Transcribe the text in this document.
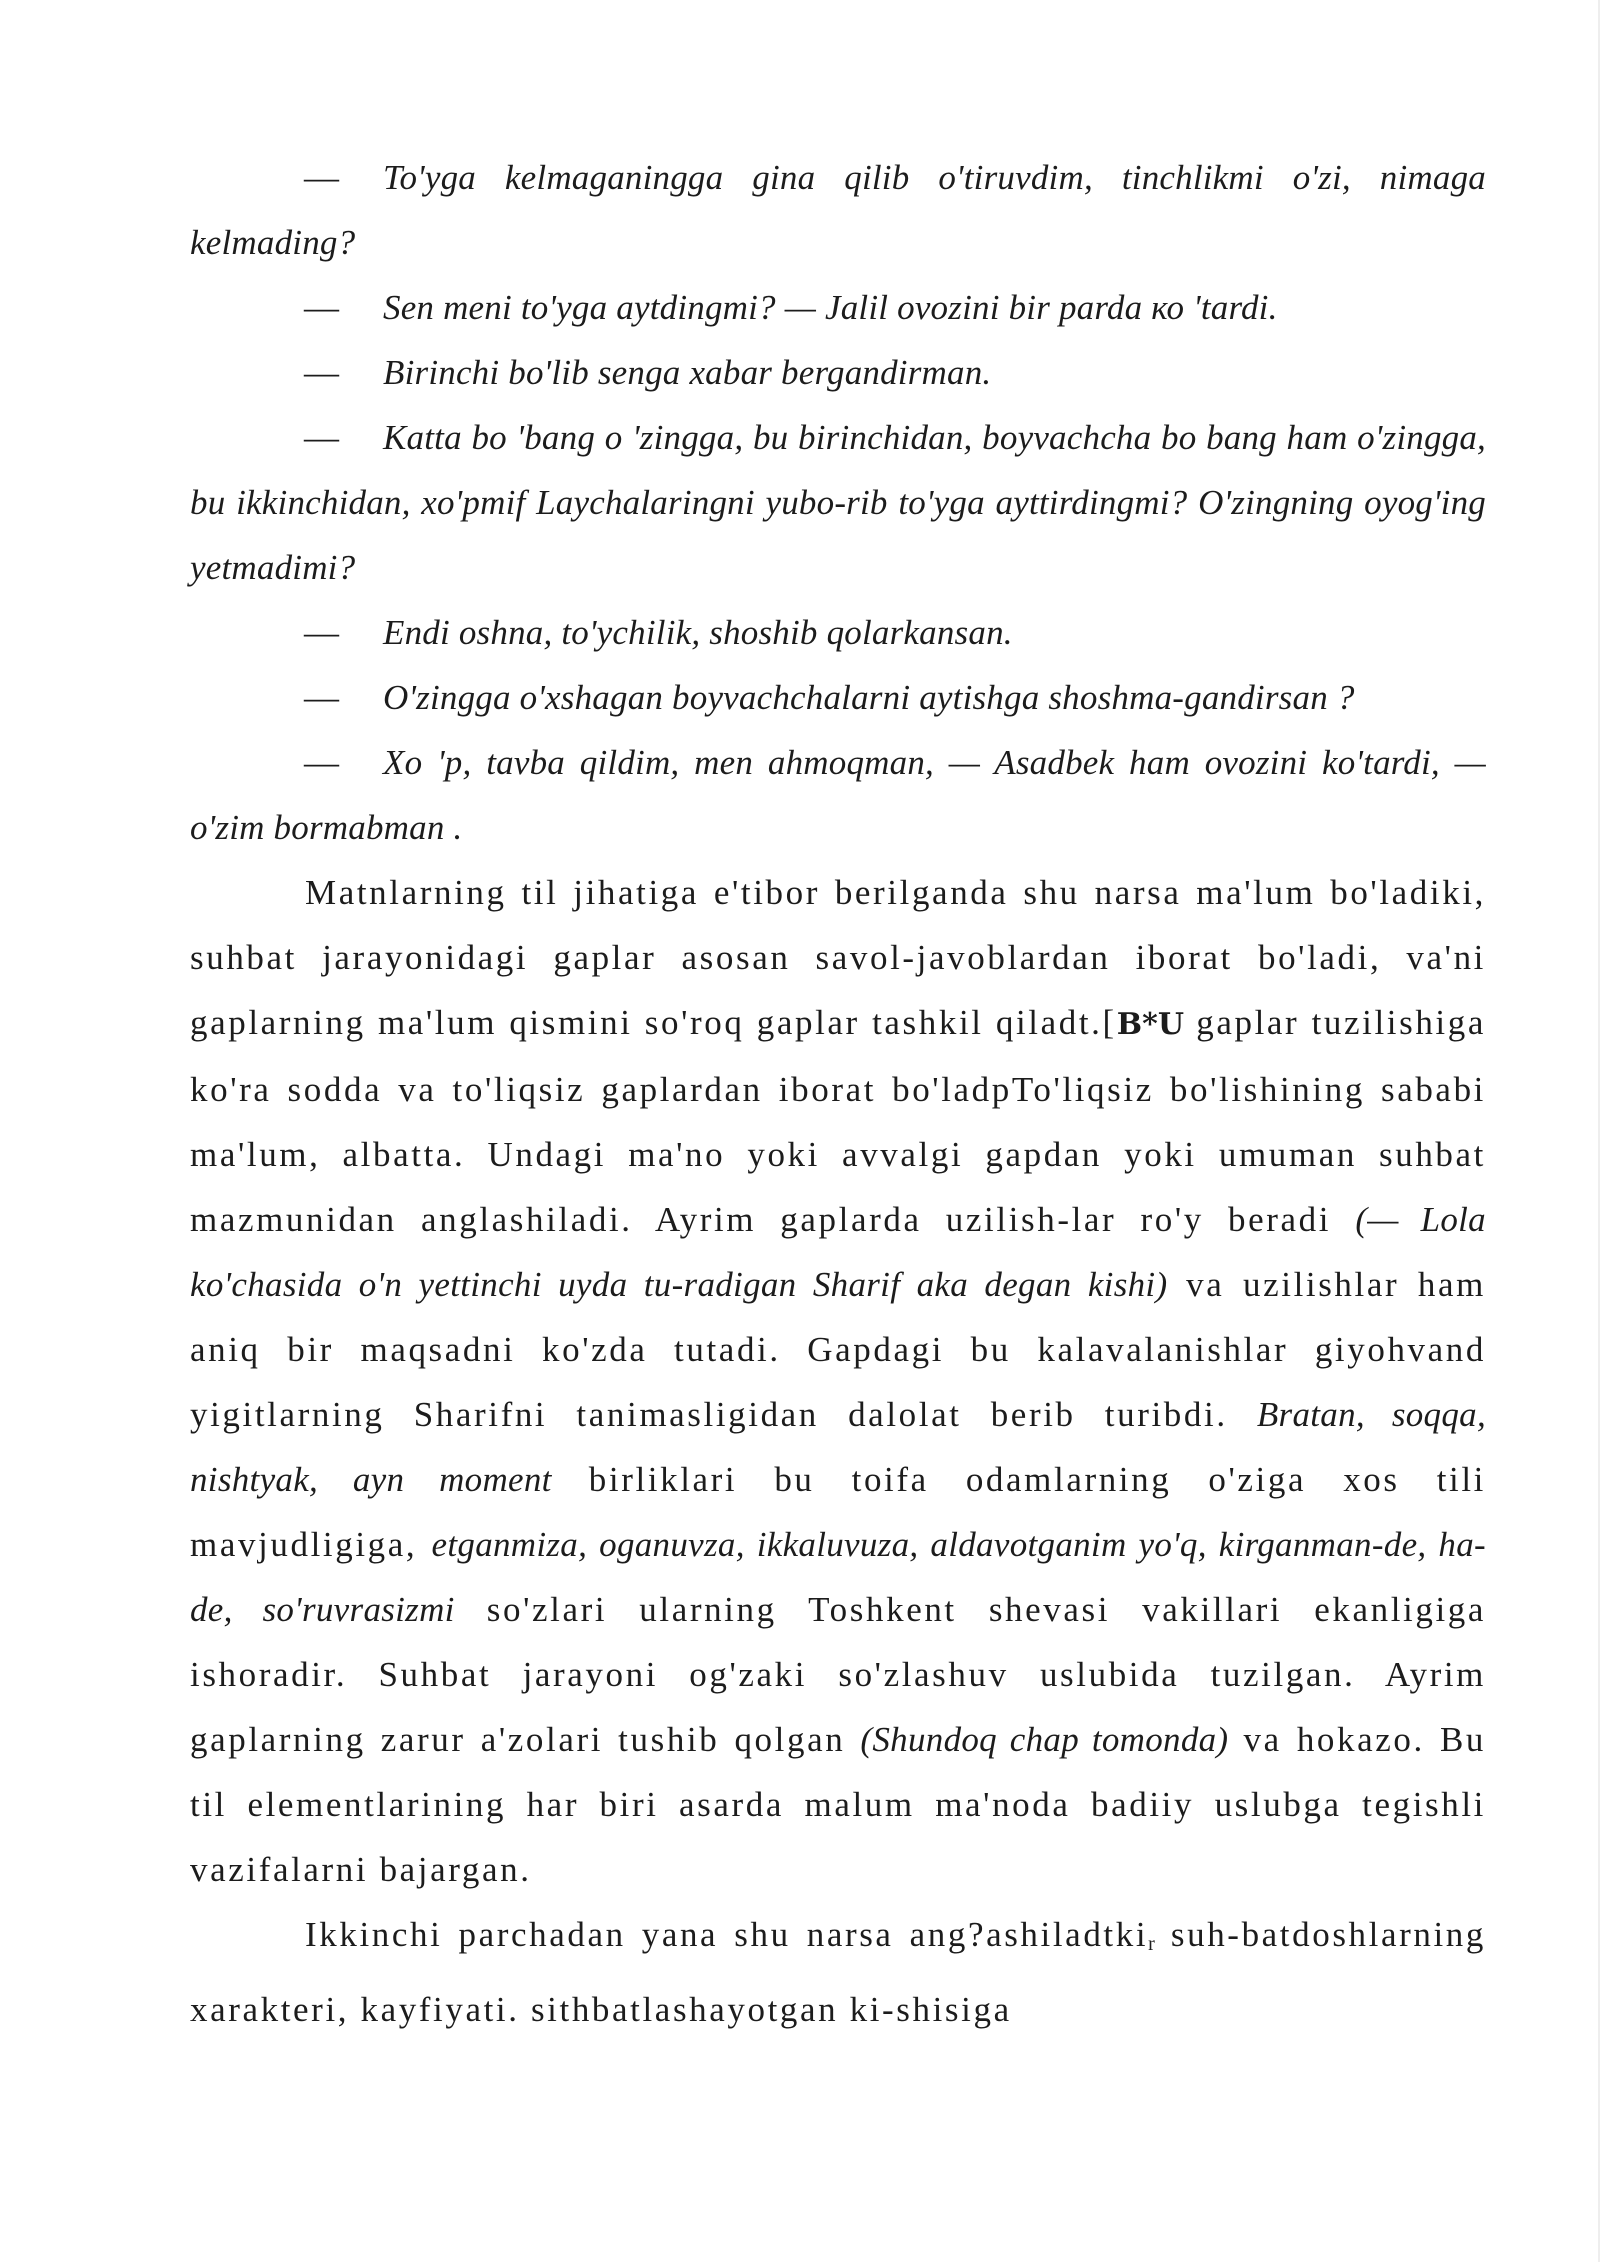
— To'yga kelmaganingga gina qilib o'tiruvdim, tinchlikmi o'zi, nimaga kelmading?

— Sen meni to'yga aytdingmi? — Jalil ovozini bir parda ко 'tardi.

— Birinchi bo'lib senga xabar bergandirman.

— Katta bo 'bang o 'zingga, bu birinchidan, boyvachcha bo bang ham o'zingga, bu ikkinchidan, xo'pmif Laychalaringni yubo-rib to'yga ayttirdingmi? O'zingning oyog'ing yetmadimi?

— Endi oshna, to'ychilik, shoshib qolarkansan.

— O'zingga o'xshagan boyvachchalarni aytishga shoshma-gandirsan ?

— Xo 'p, tavba qildim, men ahmoqman, — Asadbek ham ovozini ko'tardi, — o'zim bormabman .

Matnlarning til jihatiga e'tibor berilganda shu narsa ma'lum bo'ladiki, suhbat jarayonidagi gaplar asosan savol-javoblardan iborat bo'ladi, va'ni gaplarning ma'lum qismini so'roq gaplar tashkil qiladt.[B*U gaplar tuzilishiga ko'ra sodda va to'liqsiz gaplardan iborat bo'ladpTo'liqsiz bo'lishining sababi ma'lum, albatta. Undagi ma'no yoki avvalgi gapdan yoki umuman suhbat mazmunidan anglashiladi. Ayrim gaplarda uzilish-lar ro'y beradi (— Lola ko'chasida o'n yettinchi uyda tu-radigan Sharif aka degan kishi) va uzilishlar ham aniq bir maqsadni ko'zda tutadi. Gapdagi bu kalavalanishlar giyohvand yigitlarning Sharifni tanimasligidan dalolat berib turibdi. Bratan, soqqa, nishtyak, ayn moment birliklari bu toifa odamlarning o'ziga xos tili mavjudligiga, etganmiza, oganuvza, ikkaluvuza, aldavotganim yo'q, kirganman-de, ha-de, so'ruvrasizmi so'zlari ularning Toshkent shevasi vakillari ekanligiga ishoradir. Suhbat jarayoni og'zaki so'zlashuv uslubida tuzilgan. Ayrim gaplarning zarur a'zolari tushib qolgan (Shundoq chap tomonda) va hokazo. Bu til elementlarining har biri asarda malum ma'noda badiiy uslubga tegishli vazifalarni bajargan.

Ikkinchi parchadan yana shu narsa ang?ashiladtki$_r$ suh-batdoshlarning xarakteri, kayfiyati. sithbatlashayotgan ki-shisiga
